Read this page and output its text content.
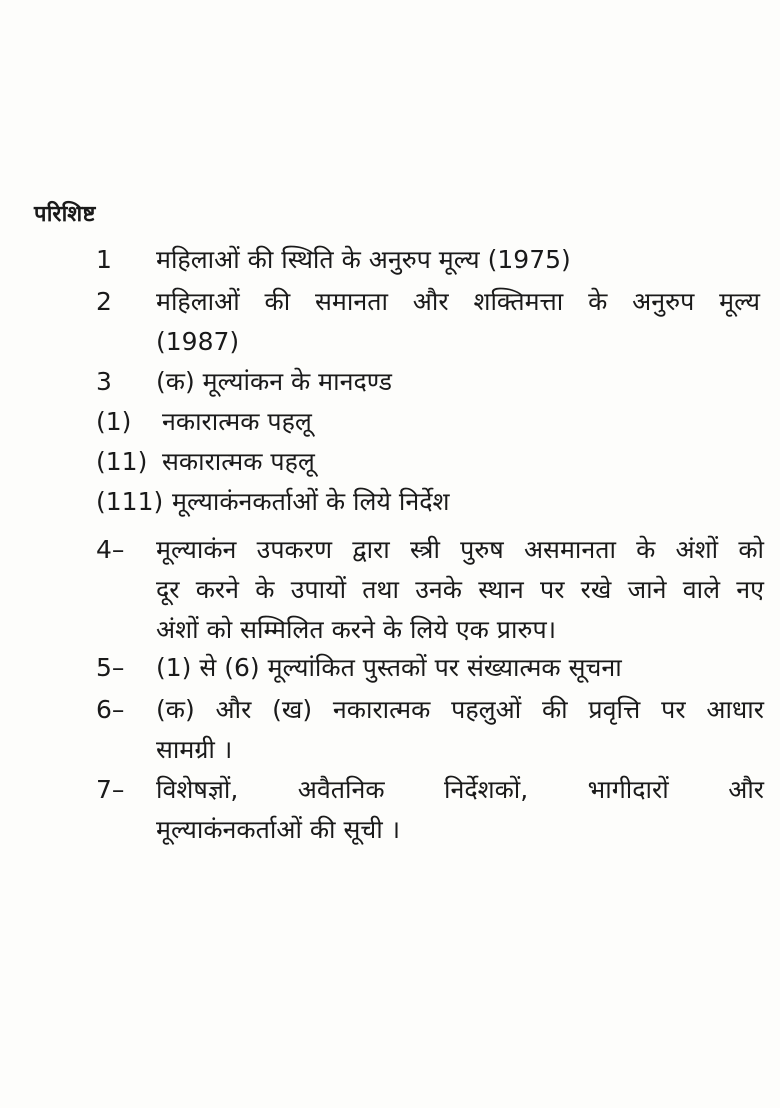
परिशिष्ट
1 महिलाओं की स्थिति के अनुरुप मूल्य (1975)
2 महिलाओं की समानता और शक्तिमत्ता के अनुरुप मूल्य
(1987)
3 (क) मूल्यांकन के मानदण्ड
(1) नकारात्मक पहलू
(11) सकारात्मक पहलू
(111) मूल्याकंनकर्ताओं के लिये निर्देश
4– मूल्याकंन उपकरण द्वारा स्त्री पुरुष असमानता के अंशों को
दूर करने के उपायों तथा उनके स्थान पर रखे जाने वाले नए
अंशों को सम्मिलित करने के लिये एक प्रारुप।
5– (1) से (6) मूल्यांकित पुस्तकों पर संख्यात्मक सूचना
6– (क) और (ख) नकारात्मक पहलुओं की प्रवृत्ति पर आधार
सामग्री ।
7– विशेषज्ञों, अवैतनिक निर्देशकों, भागीदारों और
मूल्याकंनकर्ताओं की सूची ।
